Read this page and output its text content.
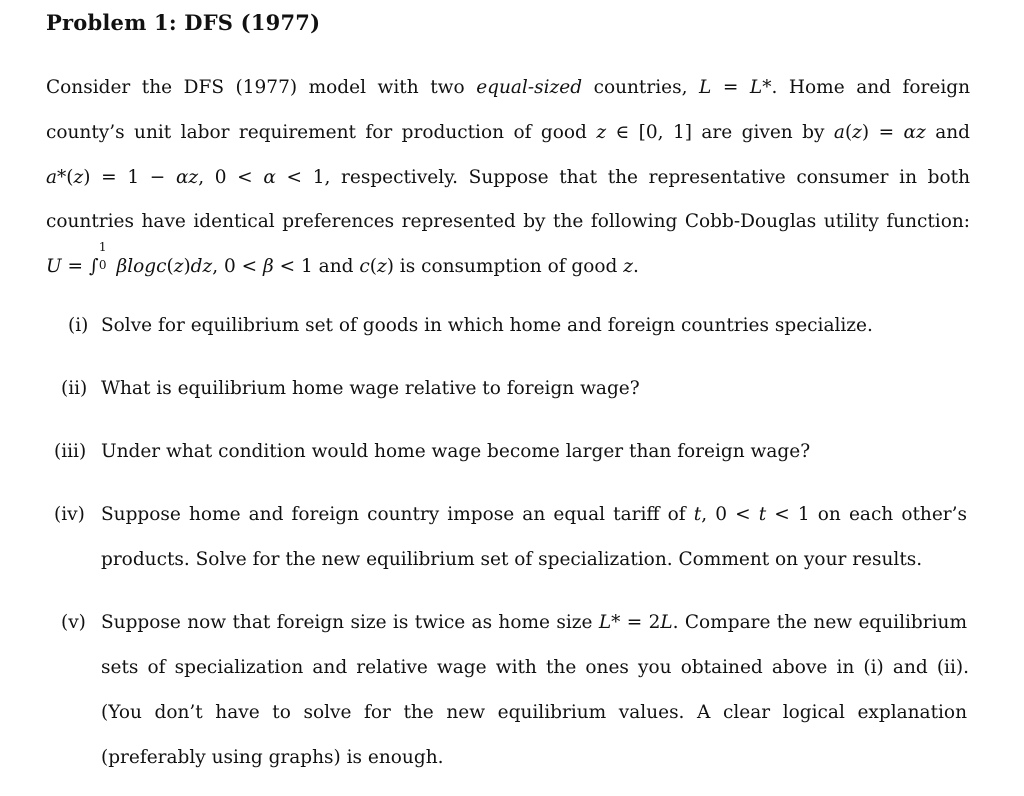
Problem 1: DFS (1977)
Consider the DFS (1977) model with two equal-sized countries, L = L*. Home and foreign
county’s unit labor requirement for production of good z ∈ [0, 1] are given by a(z) = αz and
a*(z) = 1 − αz, 0 < α < 1, respectively. Suppose that the representative consumer in both
countries have identical preferences represented by the following Cobb-Douglas utility function:
U = ∫
1
0 βlogc(z)dz, 0 < β < 1 and c(z) is consumption of good z.
(i) Solve for equilibrium set of goods in which home and foreign countries specialize.
(ii) What is equilibrium home wage relative to foreign wage?
(iii) Under what condition would home wage become larger than foreign wage?
(iv) Suppose home and foreign country impose an equal tariff of t, 0 < t < 1 on each other’s
products. Solve for the new equilibrium set of specialization. Comment on your results.
(v) Suppose now that foreign size is twice as home size L* = 2L. Compare the new equilibrium
sets of specialization and relative wage with the ones you obtained above in (i) and (ii).
(You don’t have to solve for the new equilibrium values. A clear logical explanation
(preferably using graphs) is enough.
